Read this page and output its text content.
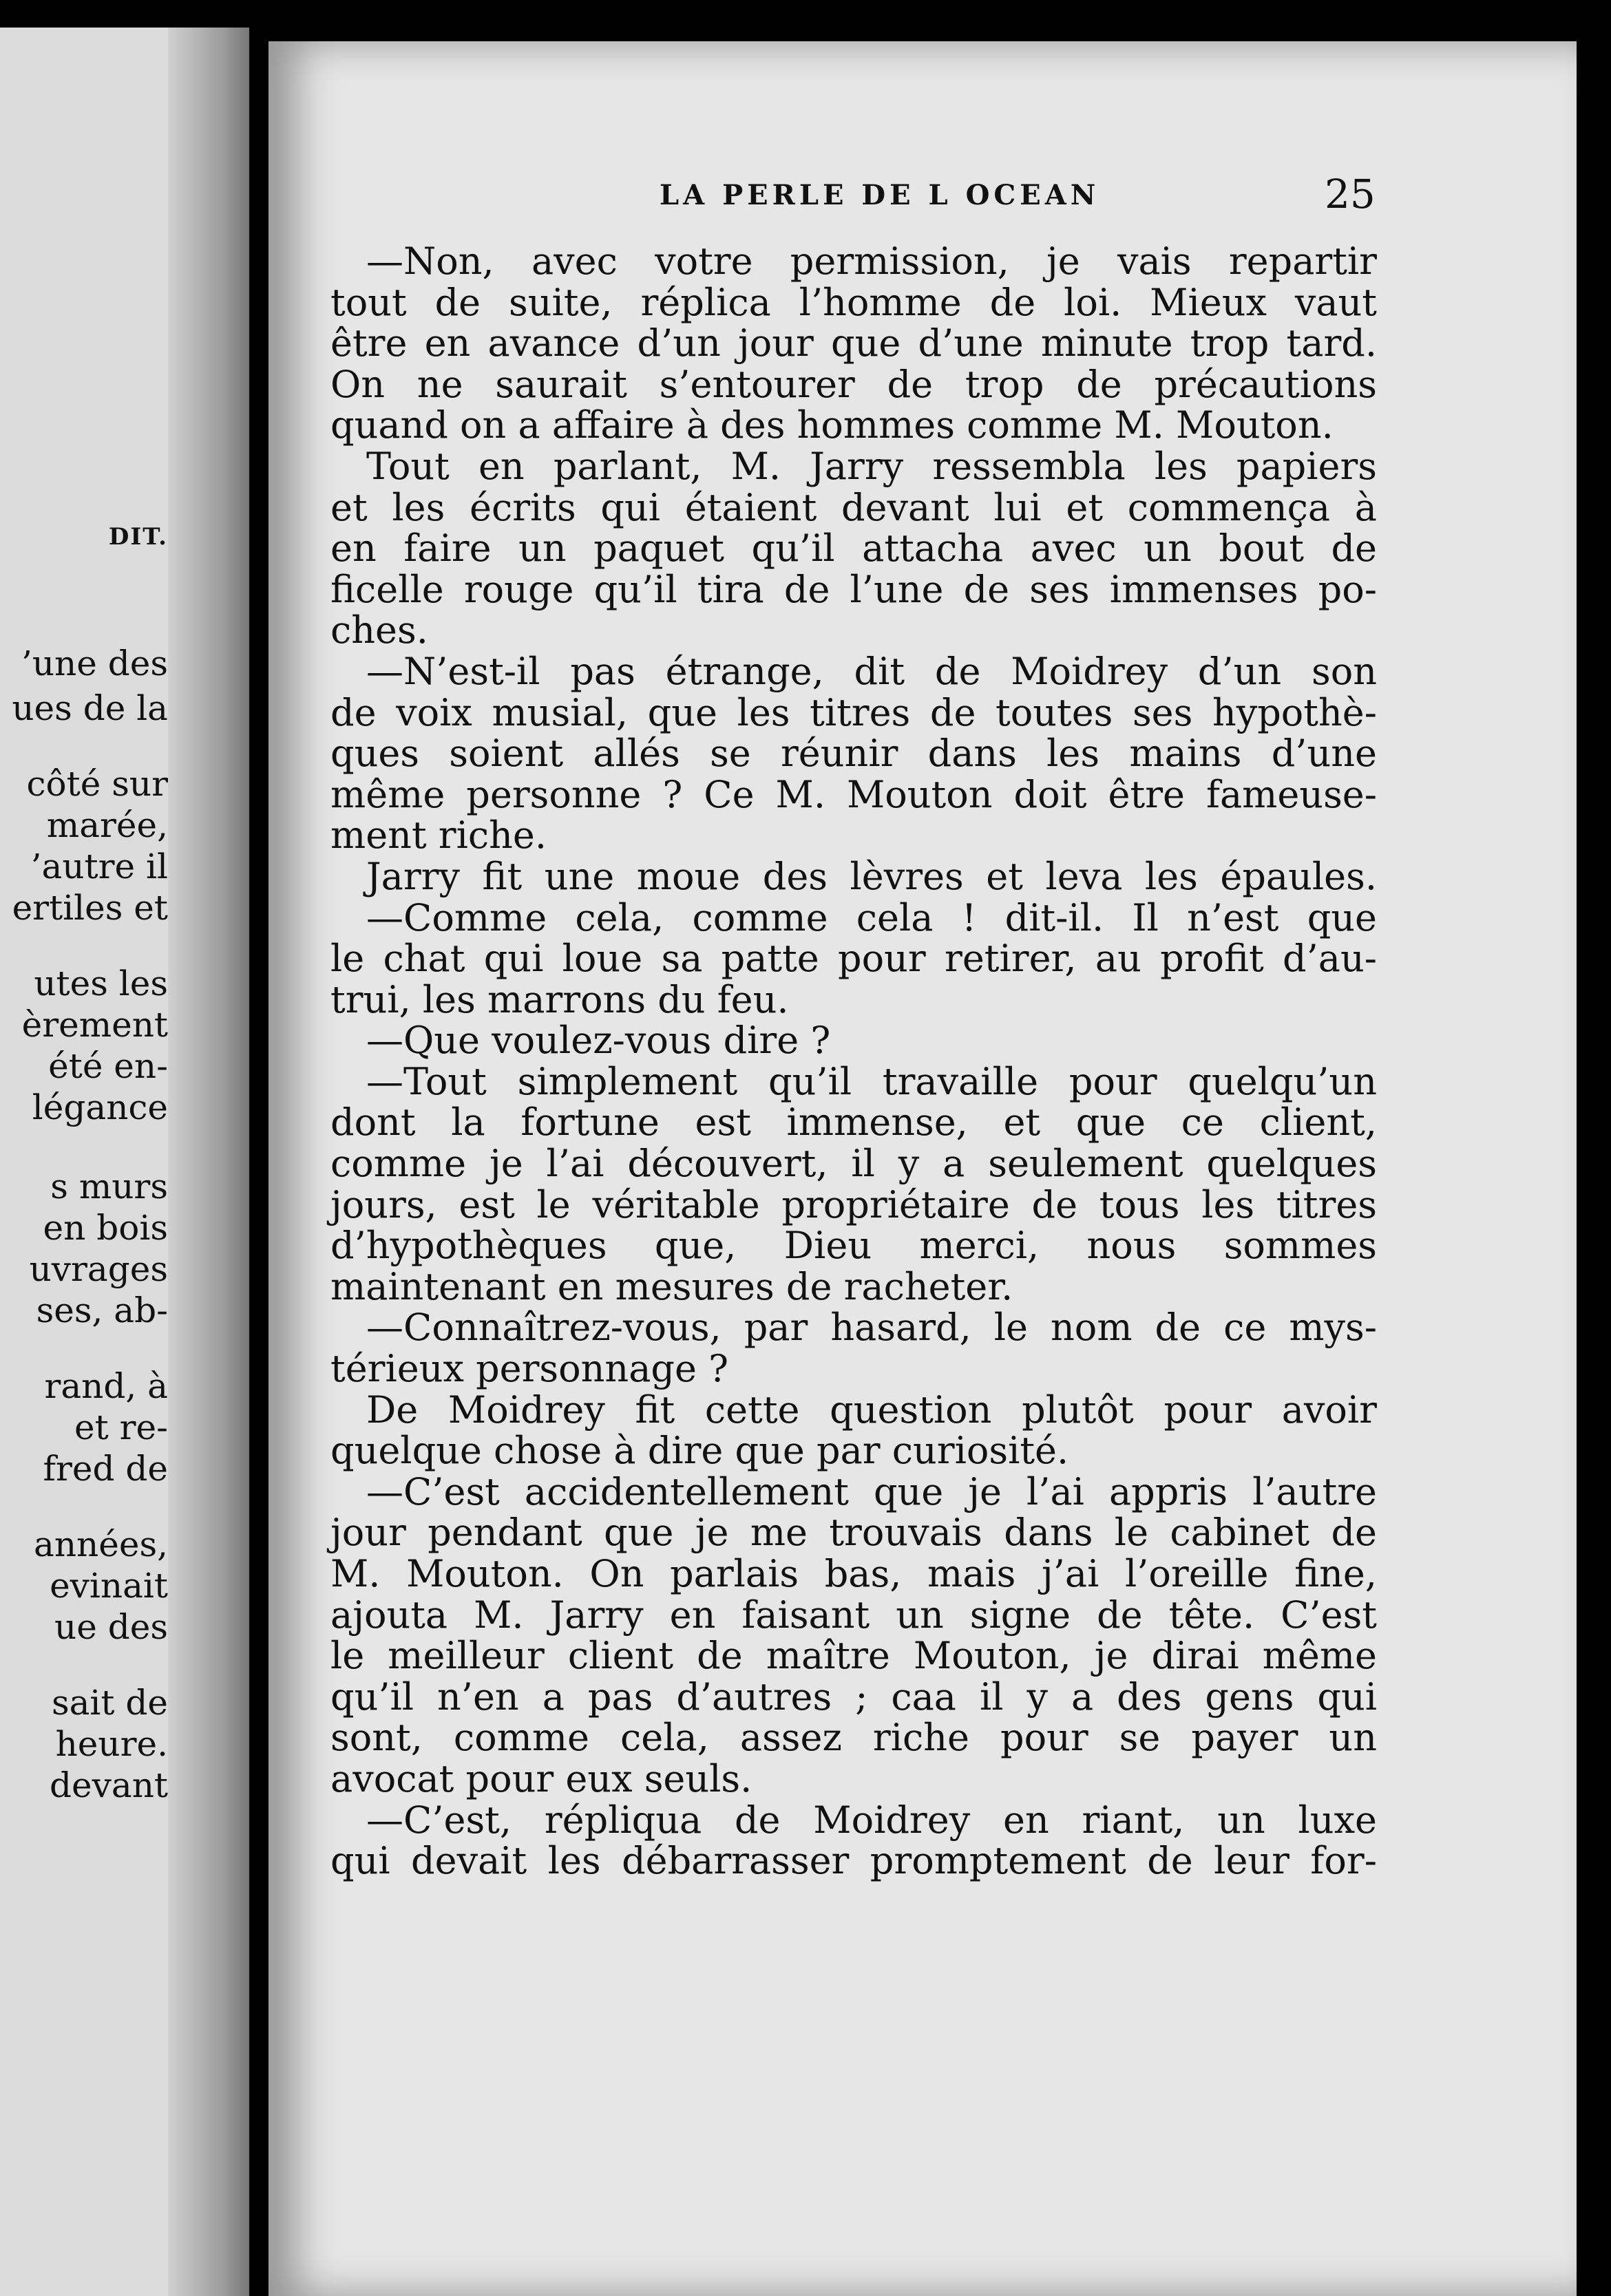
DIT.
’une des
ues de la
côté sur
marée,
’autre il
ertiles et
utes les
èrement
été en-
légance
s murs
en bois
uvrages
ses, ab-
rand, à
et re-
fred de
années,
evinait
ue des
sait de
heure.
devant
LA PERLE DE L OCEAN	25
—Non, avec votre permission, je vais repartir
tout de suite, réplica l’homme de loi. Mieux vaut
être en avance d’un jour que d’une minute trop tard.
On ne saurait s’entourer de trop de précautions
quand on a affaire à des hommes comme M. Mouton.
Tout en parlant, M. Jarry ressembla les papiers
et les écrits qui étaient devant lui et commença à
en faire un paquet qu’il attacha avec un bout de
ficelle rouge qu’il tira de l’une de ses immenses po-
ches.
—N’est-il pas étrange, dit de Moidrey d’un son
de voix musial, que les titres de toutes ses hypothè-
ques soient allés se réunir dans les mains d’une
même personne ? Ce M. Mouton doit être fameuse-
ment riche.
Jarry fit une moue des lèvres et leva les épaules.
—Comme cela, comme cela ! dit-il. Il n’est que
le chat qui loue sa patte pour retirer, au profit d’au-
trui, les marrons du feu.
—Que voulez-vous dire ?
—Tout simplement qu’il travaille pour quelqu’un
dont la fortune est immense, et que ce client,
comme je l’ai découvert, il y a seulement quelques
jours, est le véritable propriétaire de tous les titres
d’hypothèques que, Dieu merci, nous sommes
maintenant en mesures de racheter.
—Connaîtrez-vous, par hasard, le nom de ce mys-
térieux personnage ?
De Moidrey fit cette question plutôt pour avoir
quelque chose à dire que par curiosité.
—C’est accidentellement que je l’ai appris l’autre
jour pendant que je me trouvais dans le cabinet de
M. Mouton. On parlais bas, mais j’ai l’oreille fine,
ajouta M. Jarry en faisant un signe de tête. C’est
le meilleur client de maître Mouton, je dirai même
qu’il n’en a pas d’autres ; caa il y a des gens qui
sont, comme cela, assez riche pour se payer un
avocat pour eux seuls.
—C’est, répliqua de Moidrey en riant, un luxe
qui devait les débarrasser promptement de leur for-
